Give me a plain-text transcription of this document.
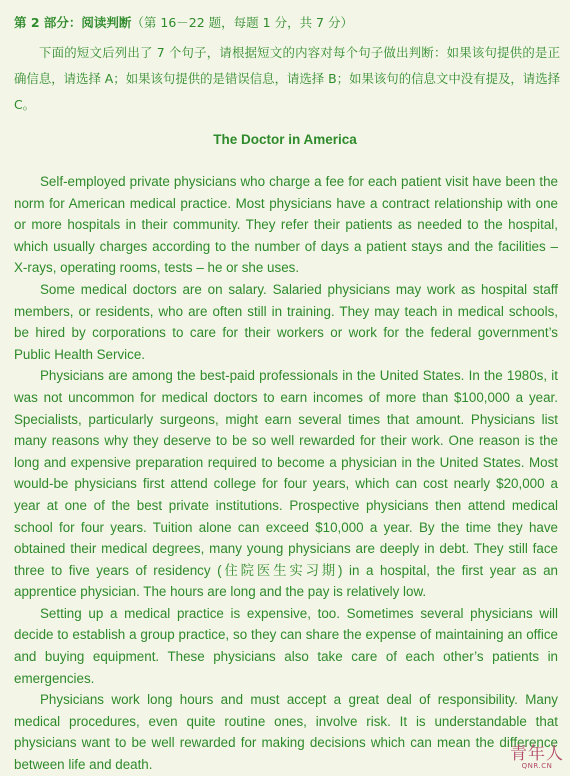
第 2 部分：阅读判断（第 16－22 题，每题 1 分，共 7 分）
下面的短文后列出了 7 个句子，请根据短文的内容对每个句子做出判断：如果该句提供的是正确信息，请选择 A；如果该句提供的是错误信息，请选择 B；如果该句的信息文中没有提及，请选择 C。
The Doctor in America

Self-employed private physicians who charge a fee for each patient visit have been the norm for American medical practice. Most physicians have a contract relationship with one or more hospitals in their community. They refer their patients as needed to the hospital, which usually charges according to the number of days a patient stays and the facilities – X-rays, operating rooms, tests – he or she uses.

Some medical doctors are on salary. Salaried physicians may work as hospital staff members, or residents, who are often still in training. They may teach in medical schools, be hired by corporations to care for their workers or work for the federal government’s Public Health Service.

Physicians are among the best-paid professionals in the United States. In the 1980s, it was not uncommon for medical doctors to earn incomes of more than $100,000 a year. Specialists, particularly surgeons, might earn several times that amount. Physicians list many reasons why they deserve to be so well rewarded for their work. One reason is the long and expensive preparation required to become a physician in the United States. Most would-be physicians first attend college for four years, which can cost nearly $20,000 a year at one of the best private institutions. Prospective physicians then attend medical school for four years. Tuition alone can exceed $10,000 a year. By the time they have obtained their medical degrees, many young physicians are deeply in debt. They still face three to five years of residency (住院医生实习期) in a hospital, the first year as an apprentice physician. The hours are long and the pay is relatively low.

Setting up a medical practice is expensive, too. Sometimes several physicians will decide to establish a group practice, so they can share the expense of maintaining an office and buying equipment. These physicians also take care of each other’s patients in emergencies.

Physicians work long hours and must accept a great deal of responsibility. Many medical procedures, even quite routine ones, involve risk. It is understandable that physicians want to be well rewarded for making decisions which can mean the difference between life and death.

青年人
QNR.CN
